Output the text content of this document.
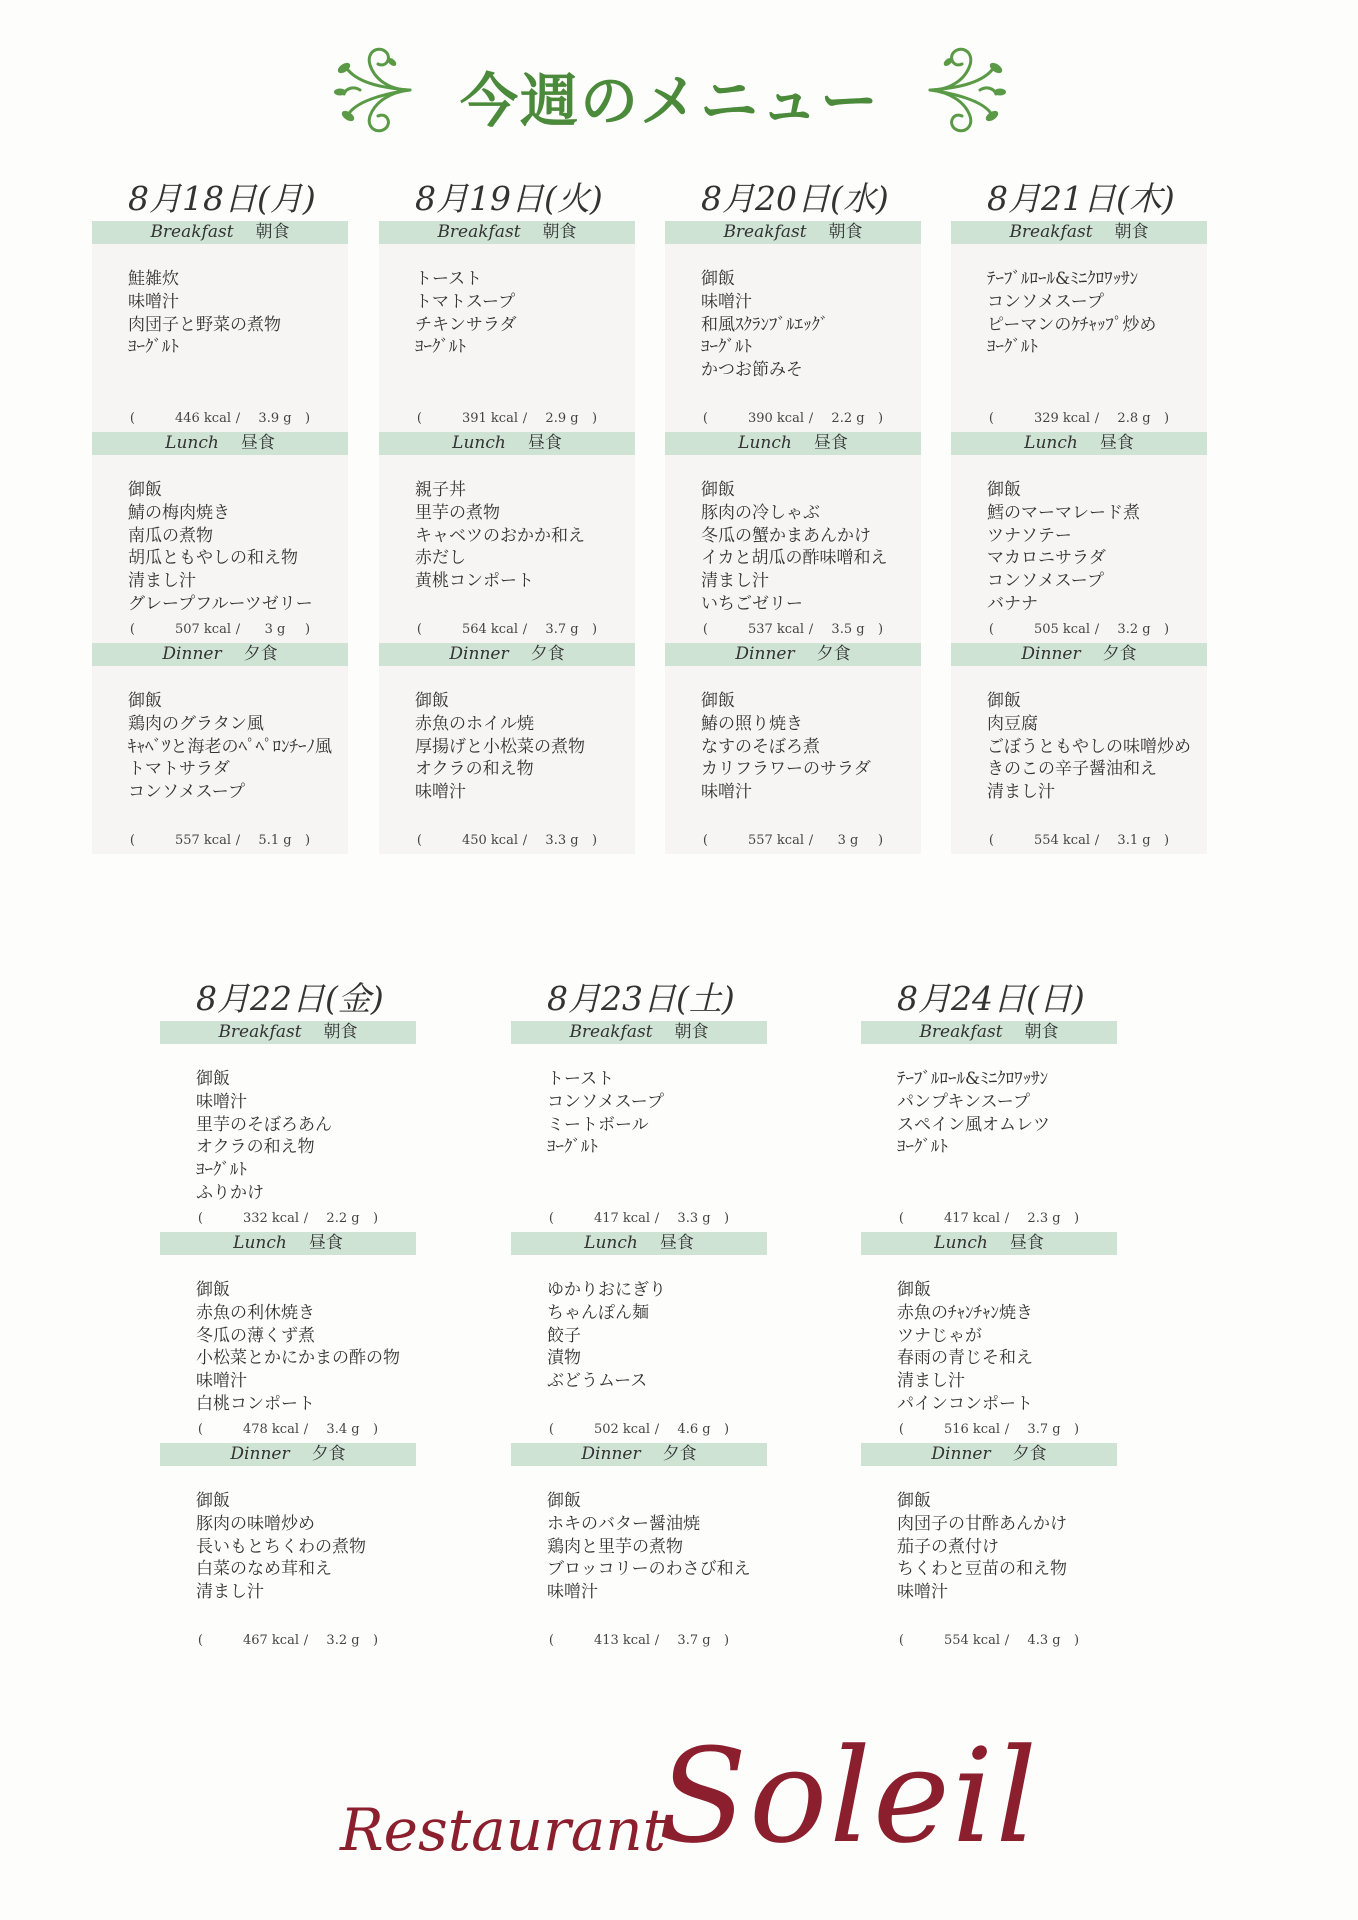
今週のメニュー
8月18日(月)
Breakfast 朝食
鮭雑炊
味噌汁
肉団子と野菜の煮物
ﾖｰｸﾞﾙﾄ
(	446 kcal / 3.9 g )
Lunch 昼食
御飯
鯖の梅肉焼き
南瓜の煮物
胡瓜ともやしの和え物
清まし汁
グレープフルーツゼリー
(	507 kcal / 3 g )
Dinner 夕食
御飯
鶏肉のグラタン風
ｷｬﾍﾞﾂと海老のﾍﾟﾍﾟﾛﾝﾁｰﾉ風
トマトサラダ
コンソメスープ
(	557 kcal / 5.1 g )
8月19日(火)
Breakfast 朝食
トースト
トマトスープ
チキンサラダ
ﾖｰｸﾞﾙﾄ
(	391 kcal / 2.9 g )
Lunch 昼食
親子丼
里芋の煮物
キャベツのおかか和え
赤だし
黄桃コンポート
(	564 kcal / 3.7 g )
Dinner 夕食
御飯
赤魚のホイル焼
厚揚げと小松菜の煮物
オクラの和え物
味噌汁
(	450 kcal / 3.3 g )
8月20日(水)
Breakfast 朝食
御飯
味噌汁
和風ｽｸﾗﾝﾌﾞﾙｴｯｸﾞ
ﾖｰｸﾞﾙﾄ
かつお節みそ
(	390 kcal / 2.2 g )
Lunch 昼食
御飯
豚肉の冷しゃぶ
冬瓜の蟹かまあんかけ
イカと胡瓜の酢味噌和え
清まし汁
いちごゼリー
(	537 kcal / 3.5 g )
Dinner 夕食
御飯
鰆の照り焼き
なすのそぼろ煮
カリフラワーのサラダ
味噌汁
(	557 kcal / 3 g )
8月21日(木)
Breakfast 朝食
ﾃｰﾌﾞﾙﾛｰﾙ&ﾐﾆｸﾛﾜｯｻﾝ
コンソメスープ
ピーマンのｹﾁｬｯﾌﾟ炒め
ﾖｰｸﾞﾙﾄ
(	329 kcal / 2.8 g )
Lunch 昼食
御飯
鱈のマーマレード煮
ツナソテー
マカロニサラダ
コンソメスープ
バナナ
(	505 kcal / 3.2 g )
Dinner 夕食
御飯
肉豆腐
ごぼうともやしの味噌炒め
きのこの辛子醤油和え
清まし汁
(	554 kcal / 3.1 g )
8月22日(金)
Breakfast 朝食
御飯
味噌汁
里芋のそぼろあん
オクラの和え物
ﾖｰｸﾞﾙﾄ
ふりかけ
(	332 kcal / 2.2 g )
Lunch 昼食
御飯
赤魚の利休焼き
冬瓜の薄くず煮
小松菜とかにかまの酢の物
味噌汁
白桃コンポート
(	478 kcal / 3.4 g )
Dinner 夕食
御飯
豚肉の味噌炒め
長いもとちくわの煮物
白菜のなめ茸和え
清まし汁
(	467 kcal / 3.2 g )
8月23日(土)
Breakfast 朝食
トースト
コンソメスープ
ミートボール
ﾖｰｸﾞﾙﾄ
(	417 kcal / 3.3 g )
Lunch 昼食
ゆかりおにぎり
ちゃんぽん麺
餃子
漬物
ぶどうムース
(	502 kcal / 4.6 g )
Dinner 夕食
御飯
ホキのバター醤油焼
鶏肉と里芋の煮物
ブロッコリーのわさび和え
味噌汁
(	413 kcal / 3.7 g )
8月24日(日)
Breakfast 朝食
ﾃｰﾌﾞﾙﾛｰﾙ&ﾐﾆｸﾛﾜｯｻﾝ
パンプキンスープ
スペイン風オムレツ
ﾖｰｸﾞﾙﾄ
(	417 kcal / 2.3 g )
Lunch 昼食
御飯
赤魚のﾁｬﾝﾁｬﾝ焼き
ツナじゃが
春雨の青じそ和え
清まし汁
パインコンポート
(	516 kcal / 3.7 g )
Dinner 夕食
御飯
肉団子の甘酢あんかけ
茄子の煮付け
ちくわと豆苗の和え物
味噌汁
(	554 kcal / 4.3 g )
Restaurant
Soleil
